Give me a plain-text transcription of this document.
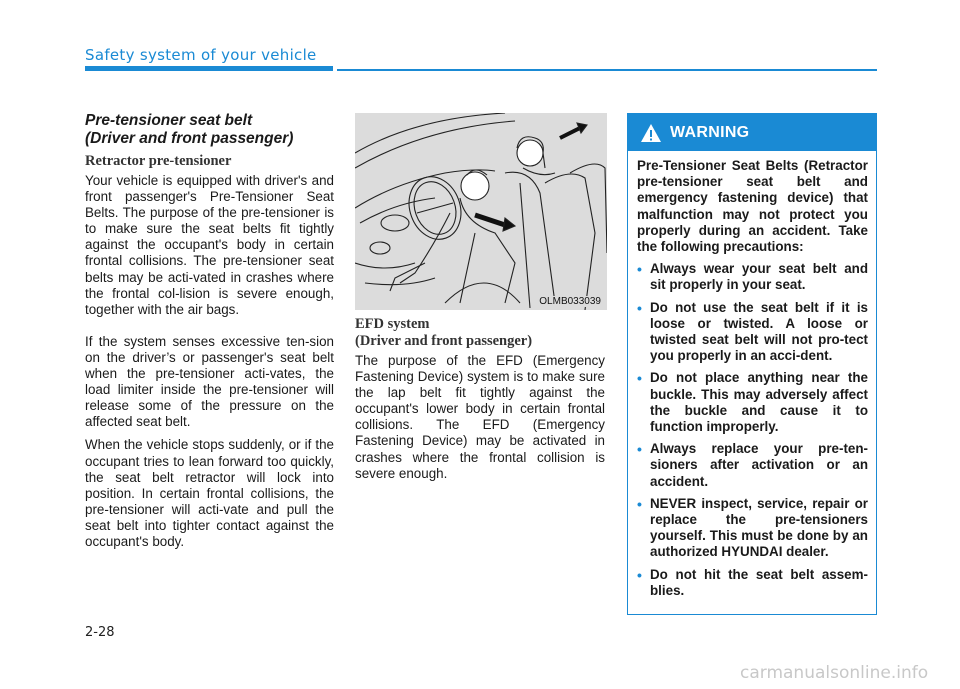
Safety system of your vehicle

Pre-tensioner seat belt
(Driver and front passenger)

Retractor pre-tensioner

Your vehicle is equipped with driver's and front passenger's Pre-Tensioner Seat Belts. The purpose of the pre-tensioner is to make sure the seat belts fit tightly against the occupant's body in certain frontal collisions. The pre-tensioner seat belts may be acti-vated in crashes where the frontal col-lision is severe enough, together with the air bags.

If the system senses excessive ten-sion on the driver’s or passenger's seat belt when the pre-tensioner acti-vates, the load limiter inside the pre-tensioner will release some of the pressure on the affected seat belt.

When the vehicle stops suddenly, or if the occupant tries to lean forward too quickly, the seat belt retractor will lock into position. In certain frontal collisions, the pre-tensioner will acti-vate and pull the seat belt into tighter contact against the occupant's body.

OLMB033039

EFD system
(Driver and front passenger)

The purpose of the EFD (Emergency Fastening Device) system is to make sure the lap belt fit tightly against the occupant's lower body in certain frontal collisions. The EFD (Emergency Fastening Device) may be activated in crashes where the frontal collision is severe enough.

WARNING

Pre-Tensioner Seat Belts (Retractor pre-tensioner seat belt and emergency fastening device) that malfunction may not protect you properly during an accident. Take the following precautions:

• Always wear your seat belt and sit properly in your seat.
• Do not use the seat belt if it is loose or twisted. A loose or twisted seat belt will not pro-tect you properly in an acci-dent.
• Do not place anything near the buckle. This may adversely affect the buckle and cause it to function improperly.
• Always replace your pre-ten-sioners after activation or an accident.
• NEVER inspect, service, repair or replace the pre-tensioners yourself. This must be done by an authorized HYUNDAI dealer.
• Do not hit the seat belt assem-blies.
2-28
carmanualsonline.info
